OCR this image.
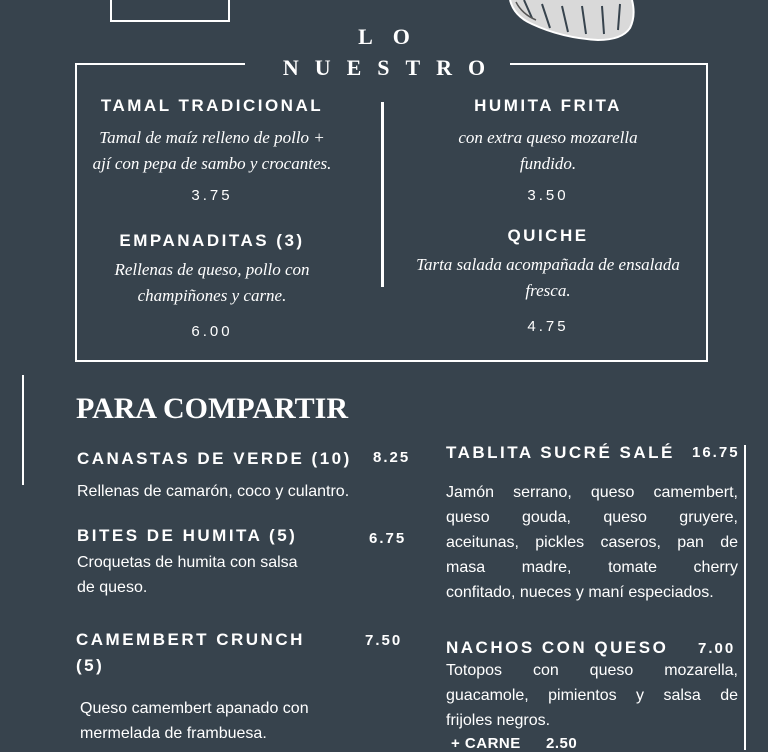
LO
NUESTRO
TAMAL TRADICIONAL
Tamal de maíz relleno de pollo +
ají con pepa de sambo y crocantes.
3.75
EMPANADITAS (3)
Rellenas de queso, pollo con
champiñones y carne.
6.00
HUMITA FRITA
con extra queso mozarella
fundido.
3.50
QUICHE
Tarta salada acompañada de ensalada
fresca.
4.75
PARA COMPARTIR
CANASTAS DE VERDE (10) 8.25
Rellenas de camarón, coco y culantro.
BITES DE HUMITA (5)	6.75
Croquetas de humita con salsa
de queso.
CAMEMBERT CRUNCH
(5)
7.50
Queso camembert apanado con
mermelada de frambuesa.
TABLITA SUCRÉ SALÉ 16.75
Jamón serrano, queso camembert,
queso gouda, queso gruyere,
aceitunas, pickles caseros, pan de
masa madre, tomate cherry
confitado, nueces y maní especiados.
NACHOS CON QUESO 7.00
Totopos con queso mozarella,
guacamole, pimientos y salsa de
frijoles negros.
+ CARNE 2.50
